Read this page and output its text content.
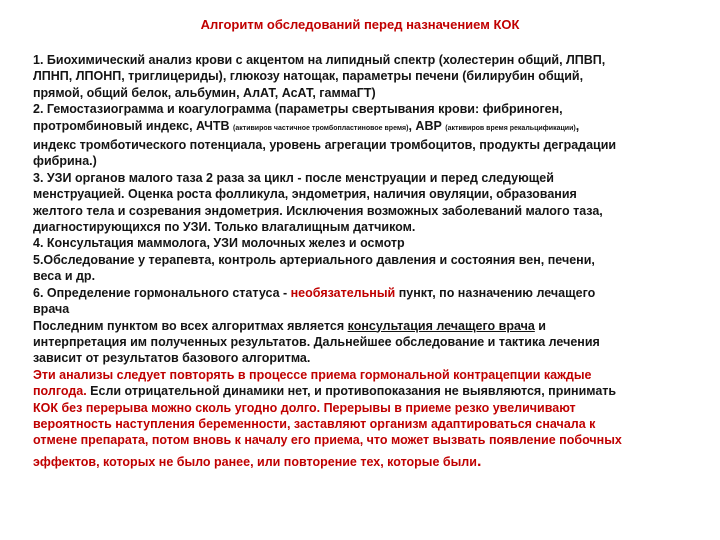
Алгоритм обследований перед назначением КОК
1. Биохимический анализ крови с акцентом на липидный спектр (холестерин общий, ЛПВП,
ЛПНП, ЛПОНП, триглицериды), глюкозу натощак, параметры печени (билирубин общий,
прямой, общий белок, альбумин, АлАТ, АсАТ, гаммаГТ)
2. Гемостазиограмма и коагулограмма (параметры свертывания крови: фибриноген,
протромбиновый индекс, АЧТВ (активиров частичное тромбопластиновое время), АВР (активиров время рекальцификации),
индекс тромботического потенциала, уровень агрегации тромбоцитов, продукты деградации
фибрина.)
3. УЗИ органов малого таза 2 раза за цикл - после менструации и перед следующей
менструацией. Оценка роста фолликула, эндометрия, наличия овуляции, образования
желтого тела и созревания эндометрия. Исключения возможных заболеваний малого таза,
диагностирующихся по УЗИ. Только влагалищным датчиком.
4. Консультация маммолога, УЗИ молочных желез и осмотр
5.Обследование у терапевта, контроль артериального давления и состояния вен, печени,
веса и др.
6. Определение гормонального статуса - необязательный пункт, по назначению лечащего
врача
Последним пунктом во всех алгоритмах является консультация лечащего врача и
интерпретация им полученных результатов. Дальнейшее обследование и тактика лечения
зависит от результатов базового алгоритма.
Эти анализы следует повторять в процессе приема гормональной контрацепции каждые
полгода. Если отрицательной динамики нет, и противопоказания не выявляются, принимать
КОК без перерыва можно сколь угодно долго. Перерывы в приеме резко увеличивают
вероятность наступления беременности, заставляют организм адаптироваться сначала к
отмене препарата, потом вновь к началу его приема, что может вызвать появление побочных
эффектов, которых не было ранее, или повторение тех, которые были.
